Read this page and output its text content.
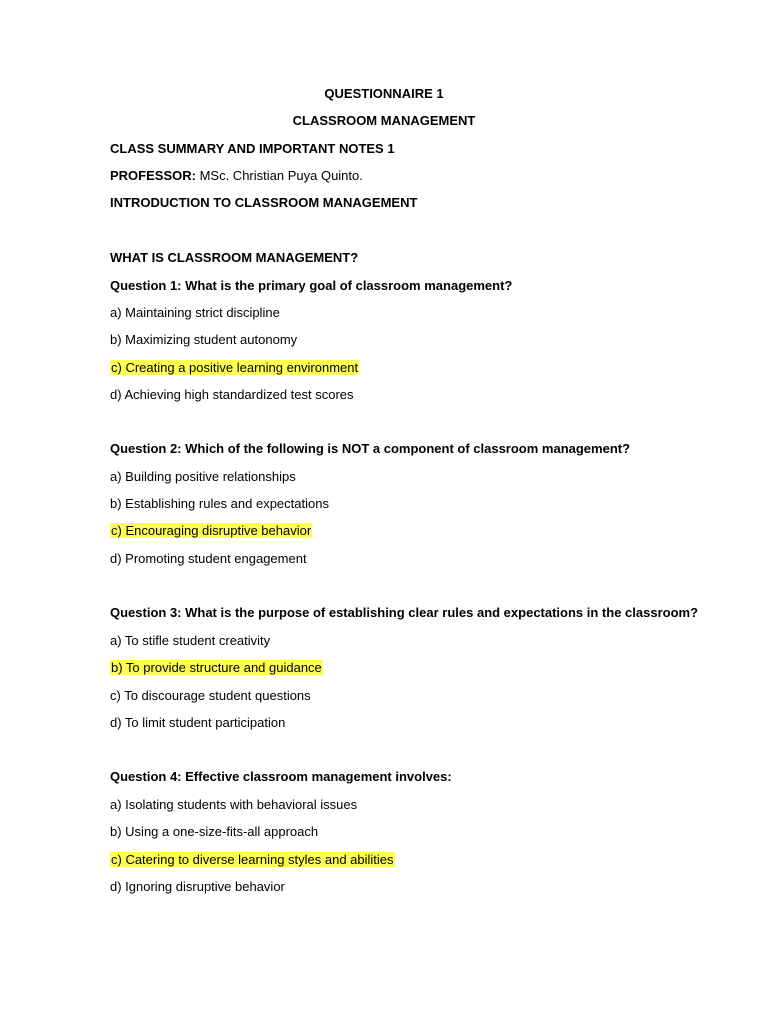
QUESTIONNAIRE 1
CLASSROOM MANAGEMENT
CLASS SUMMARY AND IMPORTANT NOTES 1
PROFESSOR: MSc. Christian Puya Quinto.
INTRODUCTION TO CLASSROOM MANAGEMENT
WHAT IS CLASSROOM MANAGEMENT?
Question 1: What is the primary goal of classroom management?
a) Maintaining strict discipline
b) Maximizing student autonomy
c) Creating a positive learning environment
d) Achieving high standardized test scores
Question 2: Which of the following is NOT a component of classroom management?
a) Building positive relationships
b) Establishing rules and expectations
c) Encouraging disruptive behavior
d) Promoting student engagement
Question 3: What is the purpose of establishing clear rules and expectations in the classroom?
a) To stifle student creativity
b) To provide structure and guidance
c) To discourage student questions
d) To limit student participation
Question 4: Effective classroom management involves:
a) Isolating students with behavioral issues
b) Using a one-size-fits-all approach
c) Catering to diverse learning styles and abilities
d) Ignoring disruptive behavior
